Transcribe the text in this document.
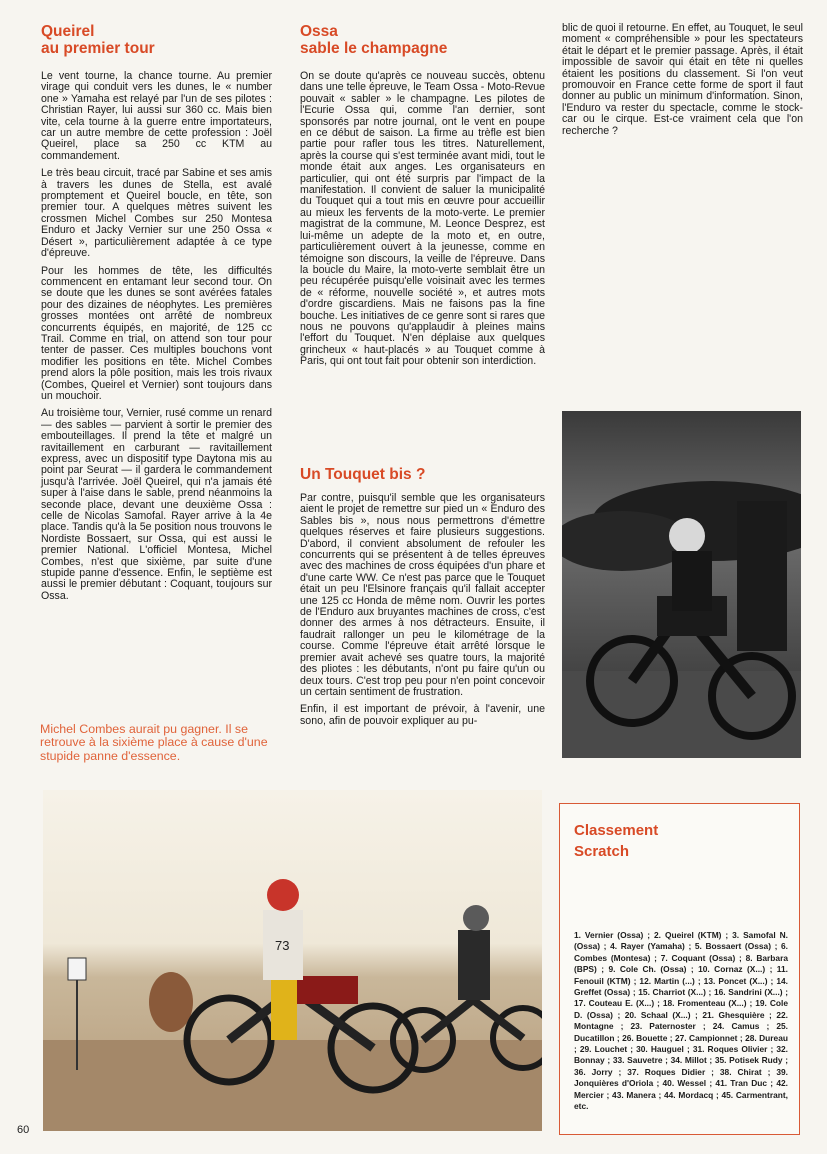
Queirel
au premier tour

Le vent tourne, la chance tourne. Au premier virage qui conduit vers les dunes, le « number one » Yamaha est relayé par l'un de ses pilotes : Christian Rayer, lui aussi sur 360 cc. Mais bien vite, cela tourne à la guerre entre importateurs, car un autre membre de cette profession : Joël Queirel, place sa 250 cc KTM au commandement.

Le très beau circuit, tracé par Sabine et ses amis à travers les dunes de Stella, est avalé promptement et Queirel boucle, en tête, son premier tour. A quelques mètres suivent les crossmen Michel Combes sur 250 Montesa Enduro et Jacky Vernier sur une 250 Ossa « Désert », particulièrement adaptée à ce type d'épreuve.

Pour les hommes de tête, les difficultés commencent en entamant leur second tour. On se doute que les dunes se sont avérées fatales pour des dizaines de néophytes. Les premières grosses montées ont arrêté de nombreux concurrents équipés, en majorité, de 125 cc Trail. Comme en trial, on attend son tour pour tenter de passer. Ces multiples bouchons vont modifier les positions en tête. Michel Combes prend alors la pôle position, mais les trois rivaux (Combes, Queirel et Vernier) sont toujours dans un mouchoir.

Au troisième tour, Vernier, rusé comme un renard — des sables — parvient à sortir le premier des embouteillages. Il prend la tête et malgré un ravitaillement en carburant — ravitaillement express, avec un dispositif type Daytona mis au point par Seurat — il gardera le commandement jusqu'à l'arrivée. Joël Queirel, qui n'a jamais été super à l'aise dans le sable, prend néanmoins la seconde place, devant une deuxième Ossa : celle de Nicolas Samofal. Rayer arrive à la 4e place. Tandis qu'à la 5e position nous trouvons le Nordiste Bossaert, sur Ossa, qui est aussi le premier National. L'officiel Montesa, Michel Combes, n'est que sixième, par suite d'une stupide panne d'essence. Enfin, le septième est aussi le premier débutant : Coquant, toujours sur Ossa.

Michel Combes aurait pu gagner. Il se retrouve à la sixième place à cause d'une stupide panne d'essence.
Ossa
sable le champagne

On se doute qu'après ce nouveau succès, obtenu dans une telle épreuve, le Team Ossa - Moto-Revue pouvait « sabler » le champagne. Les pilotes de l'Ecurie Ossa qui, comme l'an dernier, sont sponsorés par notre journal, ont le vent en poupe en ce début de saison. La firme au trèfle est bien partie pour rafler tous les titres. Naturellement, après la course qui s'est terminée avant midi, tout le monde était aux anges. Les organisateurs en particulier, qui ont été surpris par l'impact de la manifestation. Il convient de saluer la municipalité du Touquet qui a tout mis en œuvre pour accueillir au mieux les fervents de la moto-verte. Le premier magistrat de la commune, M. Leonce Desprez, est lui-même un adepte de la moto et, en outre, particulièrement ouvert à la jeunesse, comme en témoigne son discours, la veille de l'épreuve. Dans la boucle du Maire, la moto-verte semblait être un peu récupérée puisqu'elle voisinait avec les termes de « réforme, nouvelle société », et autres mots d'ordre giscardiens. Mais ne faisons pas la fine bouche. Les initiatives de ce genre sont si rares que nous ne pouvons qu'applaudir à pleines mains l'effort du Touquet. N'en déplaise aux quelques grincheux « haut-placés » au Touquet comme à Paris, qui ont tout fait pour obtenir son interdiction.

Un Touquet bis ?

Par contre, puisqu'il semble que les organisateurs aient le projet de remettre sur pied un « Enduro des Sables bis », nous nous permettrons d'émettre quelques réserves et faire plusieurs suggestions. D'abord, il convient absolument de refouler les concurrents qui se présentent à de telles épreuves avec des machines de cross équipées d'un phare et d'une carte WW. Ce n'est pas parce que le Touquet était un peu l'Elsinore français qu'il fallait accepter une 125 cc Honda de même nom. Ouvrir les portes de l'Enduro aux bruyantes machines de cross, c'est donner des armes à nos détracteurs. Ensuite, il faudrait rallonger un peu le kilométrage de la course. Comme l'épreuve était arrêté lorsque le premier avait achevé ses quatre tours, la majorité des pliotes : les débutants, n'ont pu faire qu'un ou deux tours. C'est trop peu pour n'en point concevoir un certain sentiment de frustration.

Enfin, il est important de prévoir, à l'avenir, une sono, afin de pouvoir expliquer au pu-

blic de quoi il retourne. En effet, au Touquet, le seul moment « compréhensible » pour les spectateurs était le départ et le premier passage. Après, il était impossible de savoir qui était en tête ni quelles étaient les positions du classement. Si l'on veut promouvoir en France cette forme de sport il faut donner au public un minimum d'information. Sinon, l'Enduro va rester du spectacle, comme le stock-car ou le cirque. Est-ce vraiment cela que l'on recherche ?

73
Classement
Scratch
1. Vernier (Ossa) ; 2. Queirel (KTM) ; 3. Samofal N. (Ossa) ; 4. Rayer (Yamaha) ; 5. Bossaert (Ossa) ; 6. Combes (Montesa) ; 7. Coquant (Ossa) ; 8. Barbara (BPS) ; 9. Cole Ch. (Ossa) ; 10. Cornaz (X...) ; 11. Fenouil (KTM) ; 12. Martin (...) ; 13. Poncet (X...) ; 14. Greffet (Ossa) ; 15. Charriot (X...) ; 16. Sandrini (X...) ; 17. Couteau E. (X...) ; 18. Fromenteau (X...) ; 19. Cole D. (Ossa) ; 20. Schaal (X...) ; 21. Ghesquière ; 22. Montagne ; 23. Paternoster ; 24. Camus ; 25. Ducatillon ; 26. Bouette ; 27. Campionnet ; 28. Dureau ; 29. Louchet ; 30. Hauguel ; 31. Roques Olivier ; 32. Bonnay ; 33. Sauvetre ; 34. Millot ; 35. Potisek Rudy ; 36. Jorry ; 37. Roques Didier ; 38. Chirat ; 39. Jonquières d'Oriola ; 40. Wessel ; 41. Tran Duc ; 42. Mercier ; 43. Manera ; 44. Mordacq ; 45. Carmentrant, etc.
60
